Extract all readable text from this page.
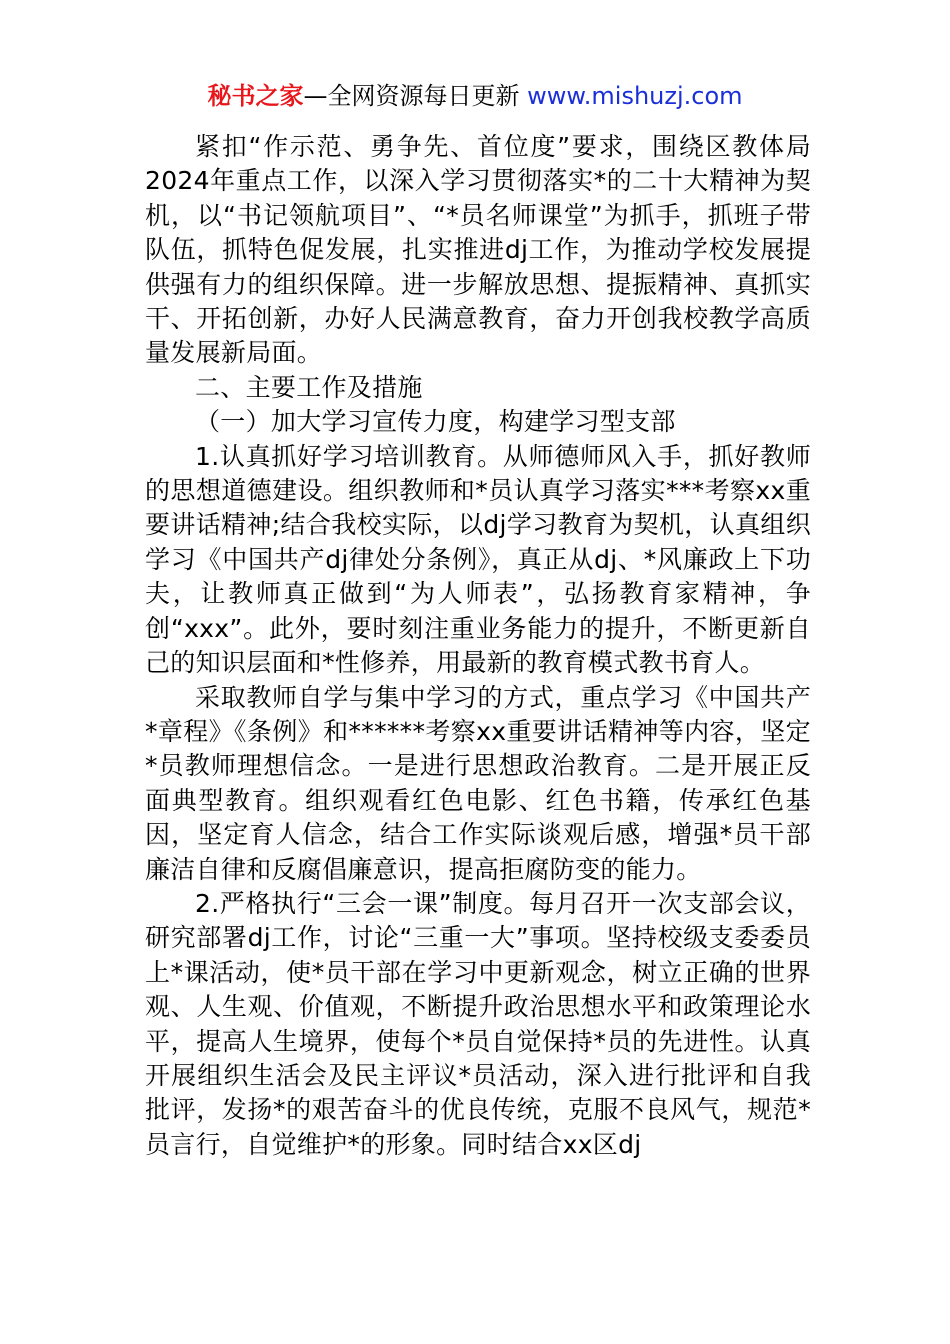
秘书之家—全网资源每日更新 www.mishuzj.com

紧扣“作示范、勇争先、首位度”要求，围绕区教体局2024年重点工作，以深入学习贯彻落实*的二十大精神为契机，以“书记领航项目”、“*员名师课堂”为抓手，抓班子带队伍，抓特色促发展，扎实推进dj工作，为推动学校发展提供强有力的组织保障。进一步解放思想、提振精神、真抓实干、开拓创新，办好人民满意教育，奋力开创我校教学高质量发展新局面。

二、主要工作及措施

（一）加大学习宣传力度，构建学习型支部

1.认真抓好学习培训教育。从师德师风入手，抓好教师的思想道德建设。组织教师和*员认真学习落实***考察xx重要讲话精神;结合我校实际，以dj学习教育为契机，认真组织学习《中国共产dj律处分条例》，真正从dj、*风廉政上下功夫，让教师真正做到“为人师表”，弘扬教育家精神，争创“xxx”。此外，要时刻注重业务能力的提升，不断更新自己的知识层面和*性修养，用最新的教育模式教书育人。

采取教师自学与集中学习的方式，重点学习《中国共产*章程》《条例》和******考察xx重要讲话精神等内容，坚定*员教师理想信念。一是进行思想政治教育。二是开展正反面典型教育。组织观看红色电影、红色书籍，传承红色基因，坚定育人信念，结合工作实际谈观后感，增强*员干部廉洁自律和反腐倡廉意识，提高拒腐防变的能力。

2.严格执行“三会一课”制度。每月召开一次支部会议，研究部署dj工作，讨论“三重一大”事项。坚持校级支委委员上*课活动，使*员干部在学习中更新观念，树立正确的世界观、人生观、价值观，不断提升政治思想水平和政策理论水平，提高人生境界，使每个*员自觉保持*员的先进性。认真开展组织生活会及民主评议*员活动，深入进行批评和自我批评，发扬*的艰苦奋斗的优良传统，克服不良风气，规范*员言行，自觉维护*的形象。同时结合xx区dj
